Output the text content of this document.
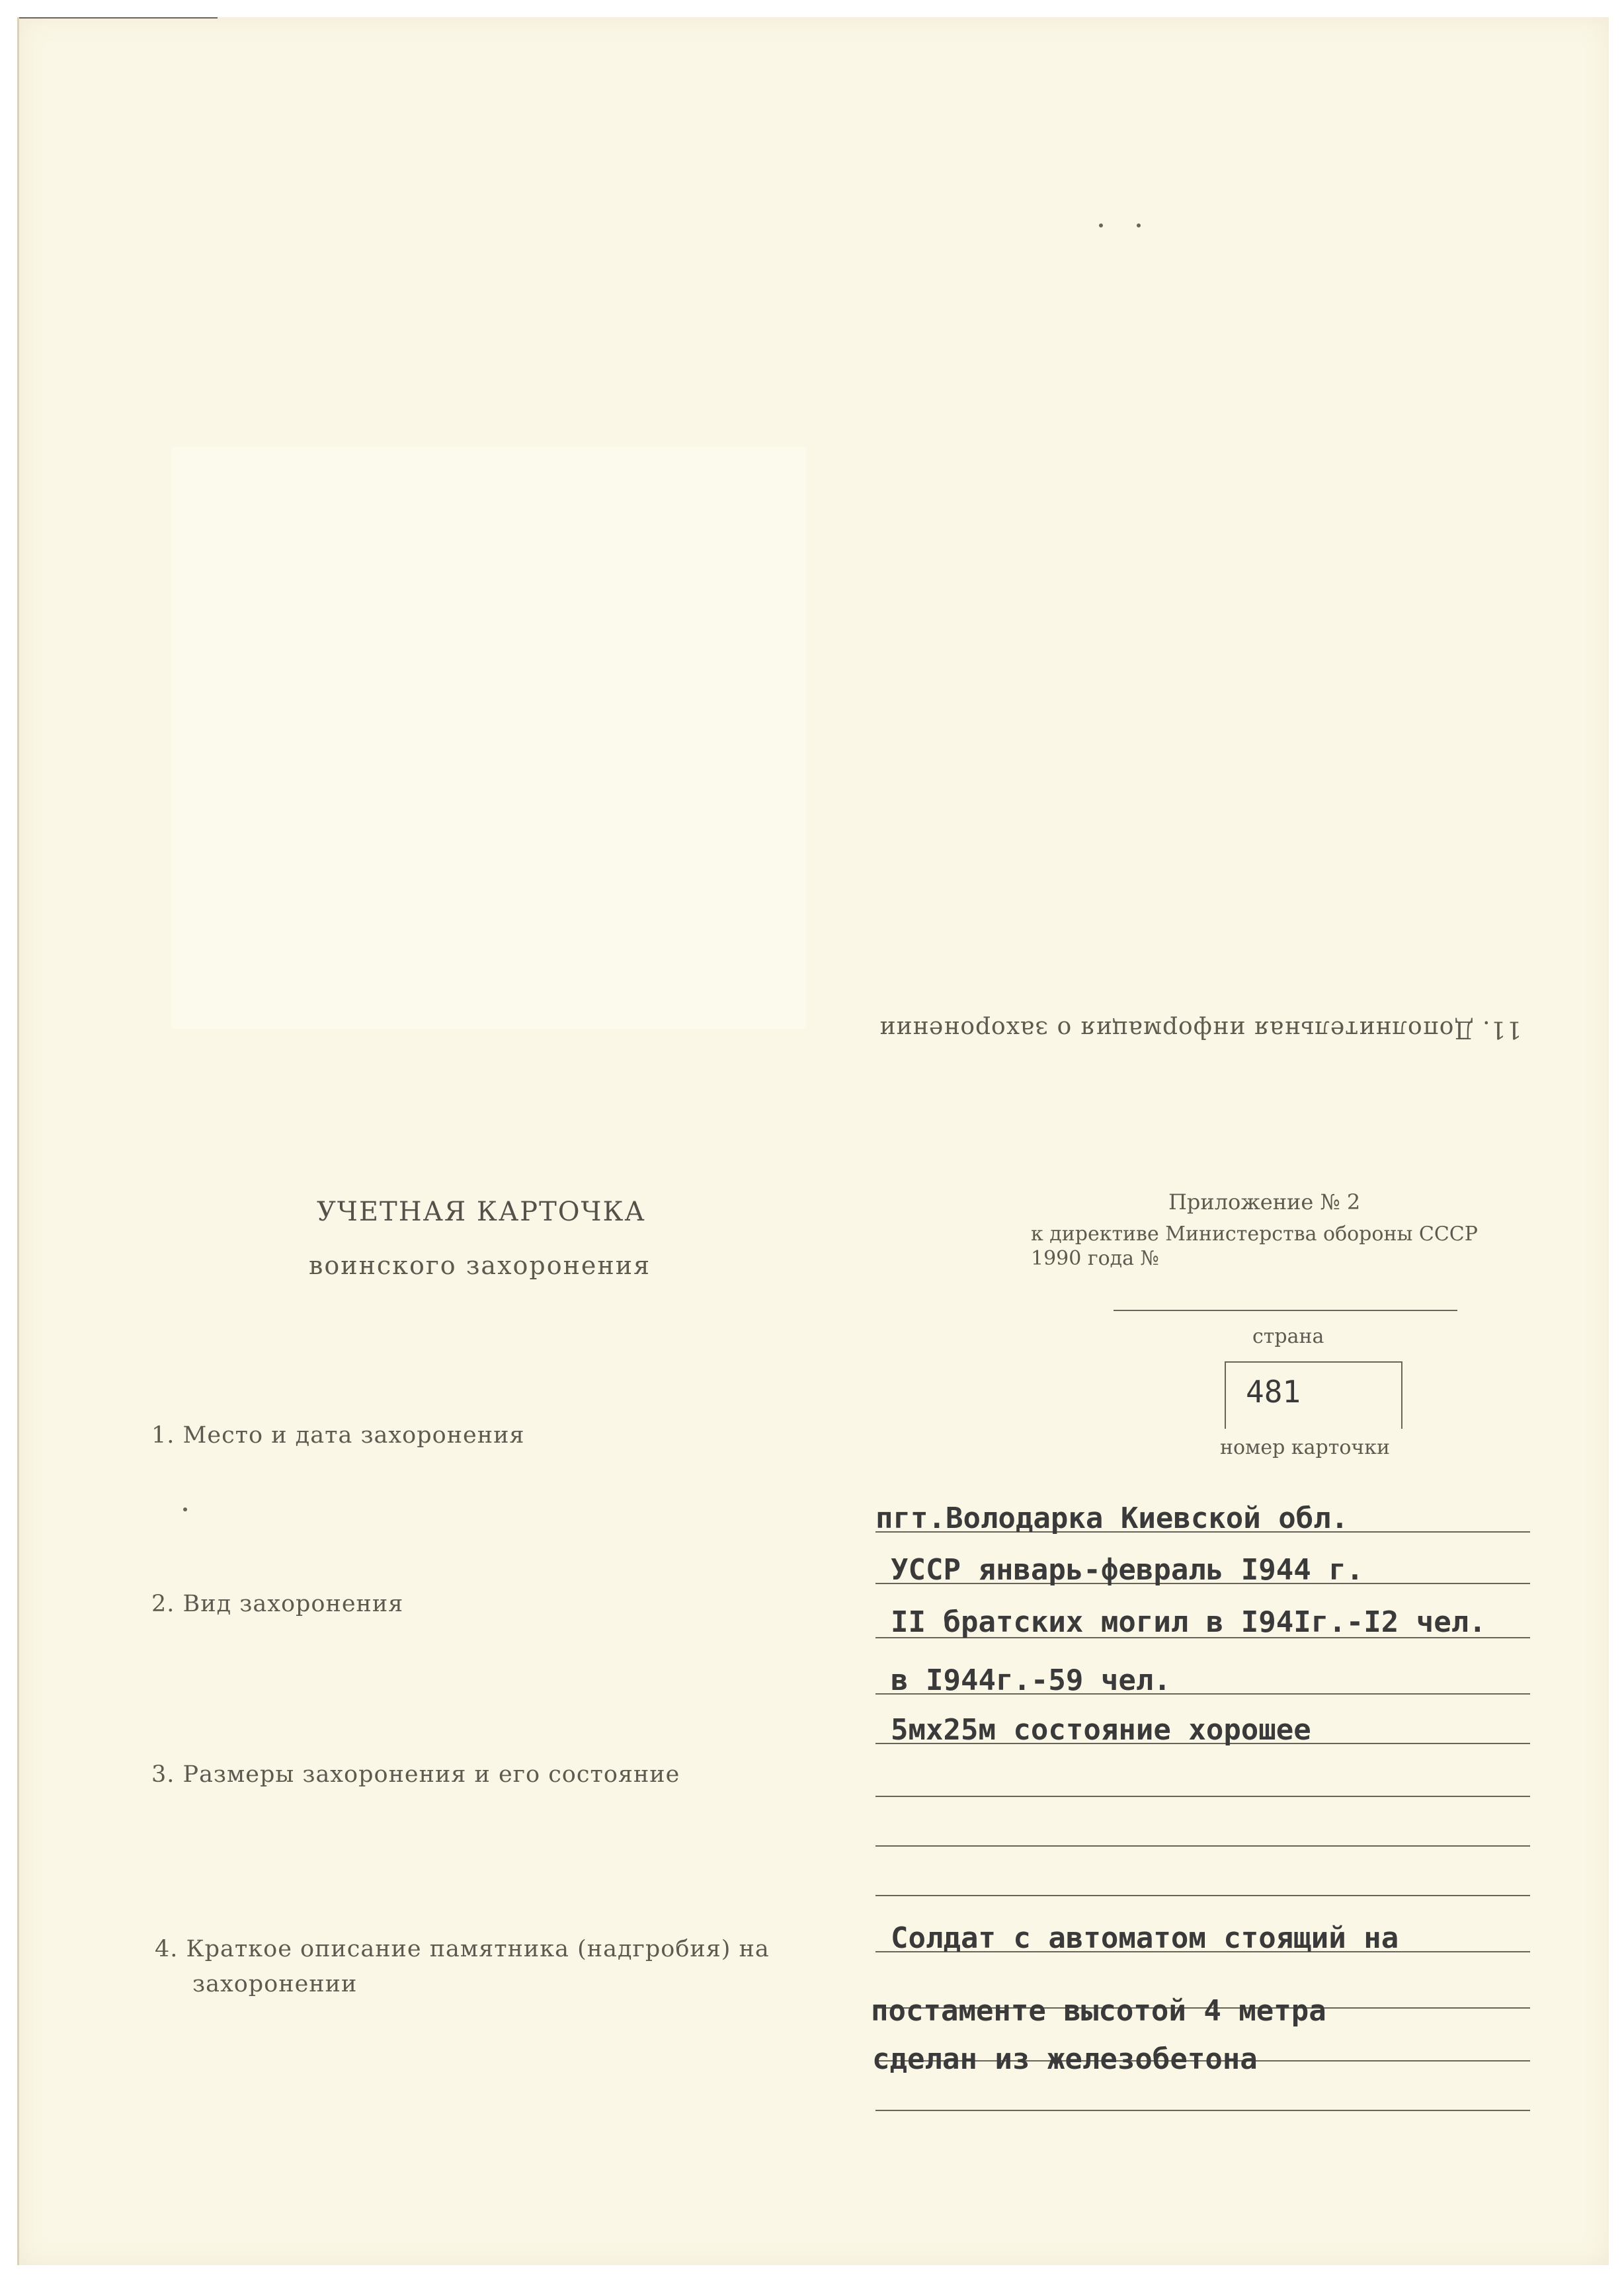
11. Дополнительная информация о захоронении
УЧЕТНАЯ КАРТОЧКА
воинского захоронения
Приложение № 2
к директиве Министерства обороны СССР
1990 года №
страна
481
номер карточки
1. Место и дата захоронения
2. Вид захоронения
3. Размеры захоронения и его состояние
4. Краткое описание памятника (надгробия) на
захоронении
пгт.Володарка Киевской обл.
УССР январь-февраль I944 г.
II братских могил в I94Iг.-I2 чел.
в I944г.-59 чел.
5мх25м состояние хорошее
Солдат с автоматом стоящий на
постаменте высотой 4 метра
сделан из железобетона
